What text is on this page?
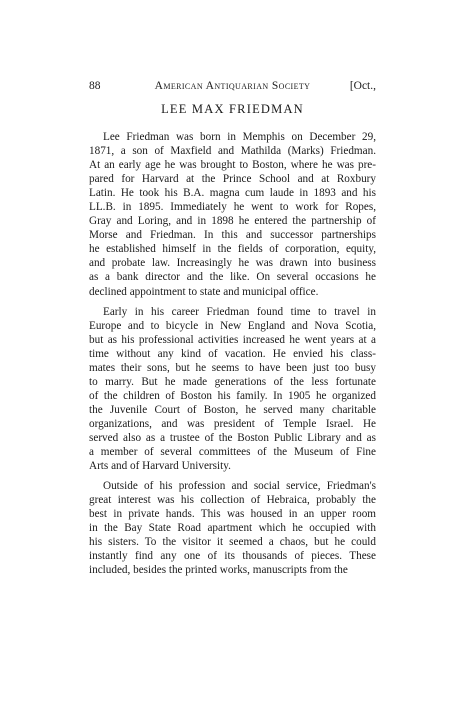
88	American Antiquarian Society	[Oct.,
LEE MAX FRIEDMAN
Lee Friedman was born in Memphis on December 29,
1871, a son of Maxfield and Mathilda (Marks) Friedman.
At an early age he was brought to Boston, where he was pre-
pared for Harvard at the Prince School and at Roxbury
Latin. He took his B.A. magna cum laude in 1893 and his
LL.B. in 1895. Immediately he went to work for Ropes,
Gray and Loring, and in 1898 he entered the partnership of
Morse and Friedman. In this and successor partnerships
he established himself in the fields of corporation, equity,
and probate law. Increasingly he was drawn into business
as a bank director and the like. On several occasions he
declined appointment to state and municipal office.
Early in his career Friedman found time to travel in
Europe and to bicycle in New England and Nova Scotia,
but as his professional activities increased he went years at a
time without any kind of vacation. He envied his class-
mates their sons, but he seems to have been just too busy
to marry. But he made generations of the less fortunate
of the children of Boston his family. In 1905 he organized
the Juvenile Court of Boston, he served many charitable
organizations, and was president of Temple Israel. He
served also as a trustee of the Boston Public Library and as
a member of several committees of the Museum of Fine
Arts and of Harvard University.
Outside of his profession and social service, Friedman's
great interest was his collection of Hebraica, probably the
best in private hands. This was housed in an upper room
in the Bay State Road apartment which he occupied with
his sisters. To the visitor it seemed a chaos, but he could
instantly find any one of its thousands of pieces. These
included, besides the printed works, manuscripts from the
